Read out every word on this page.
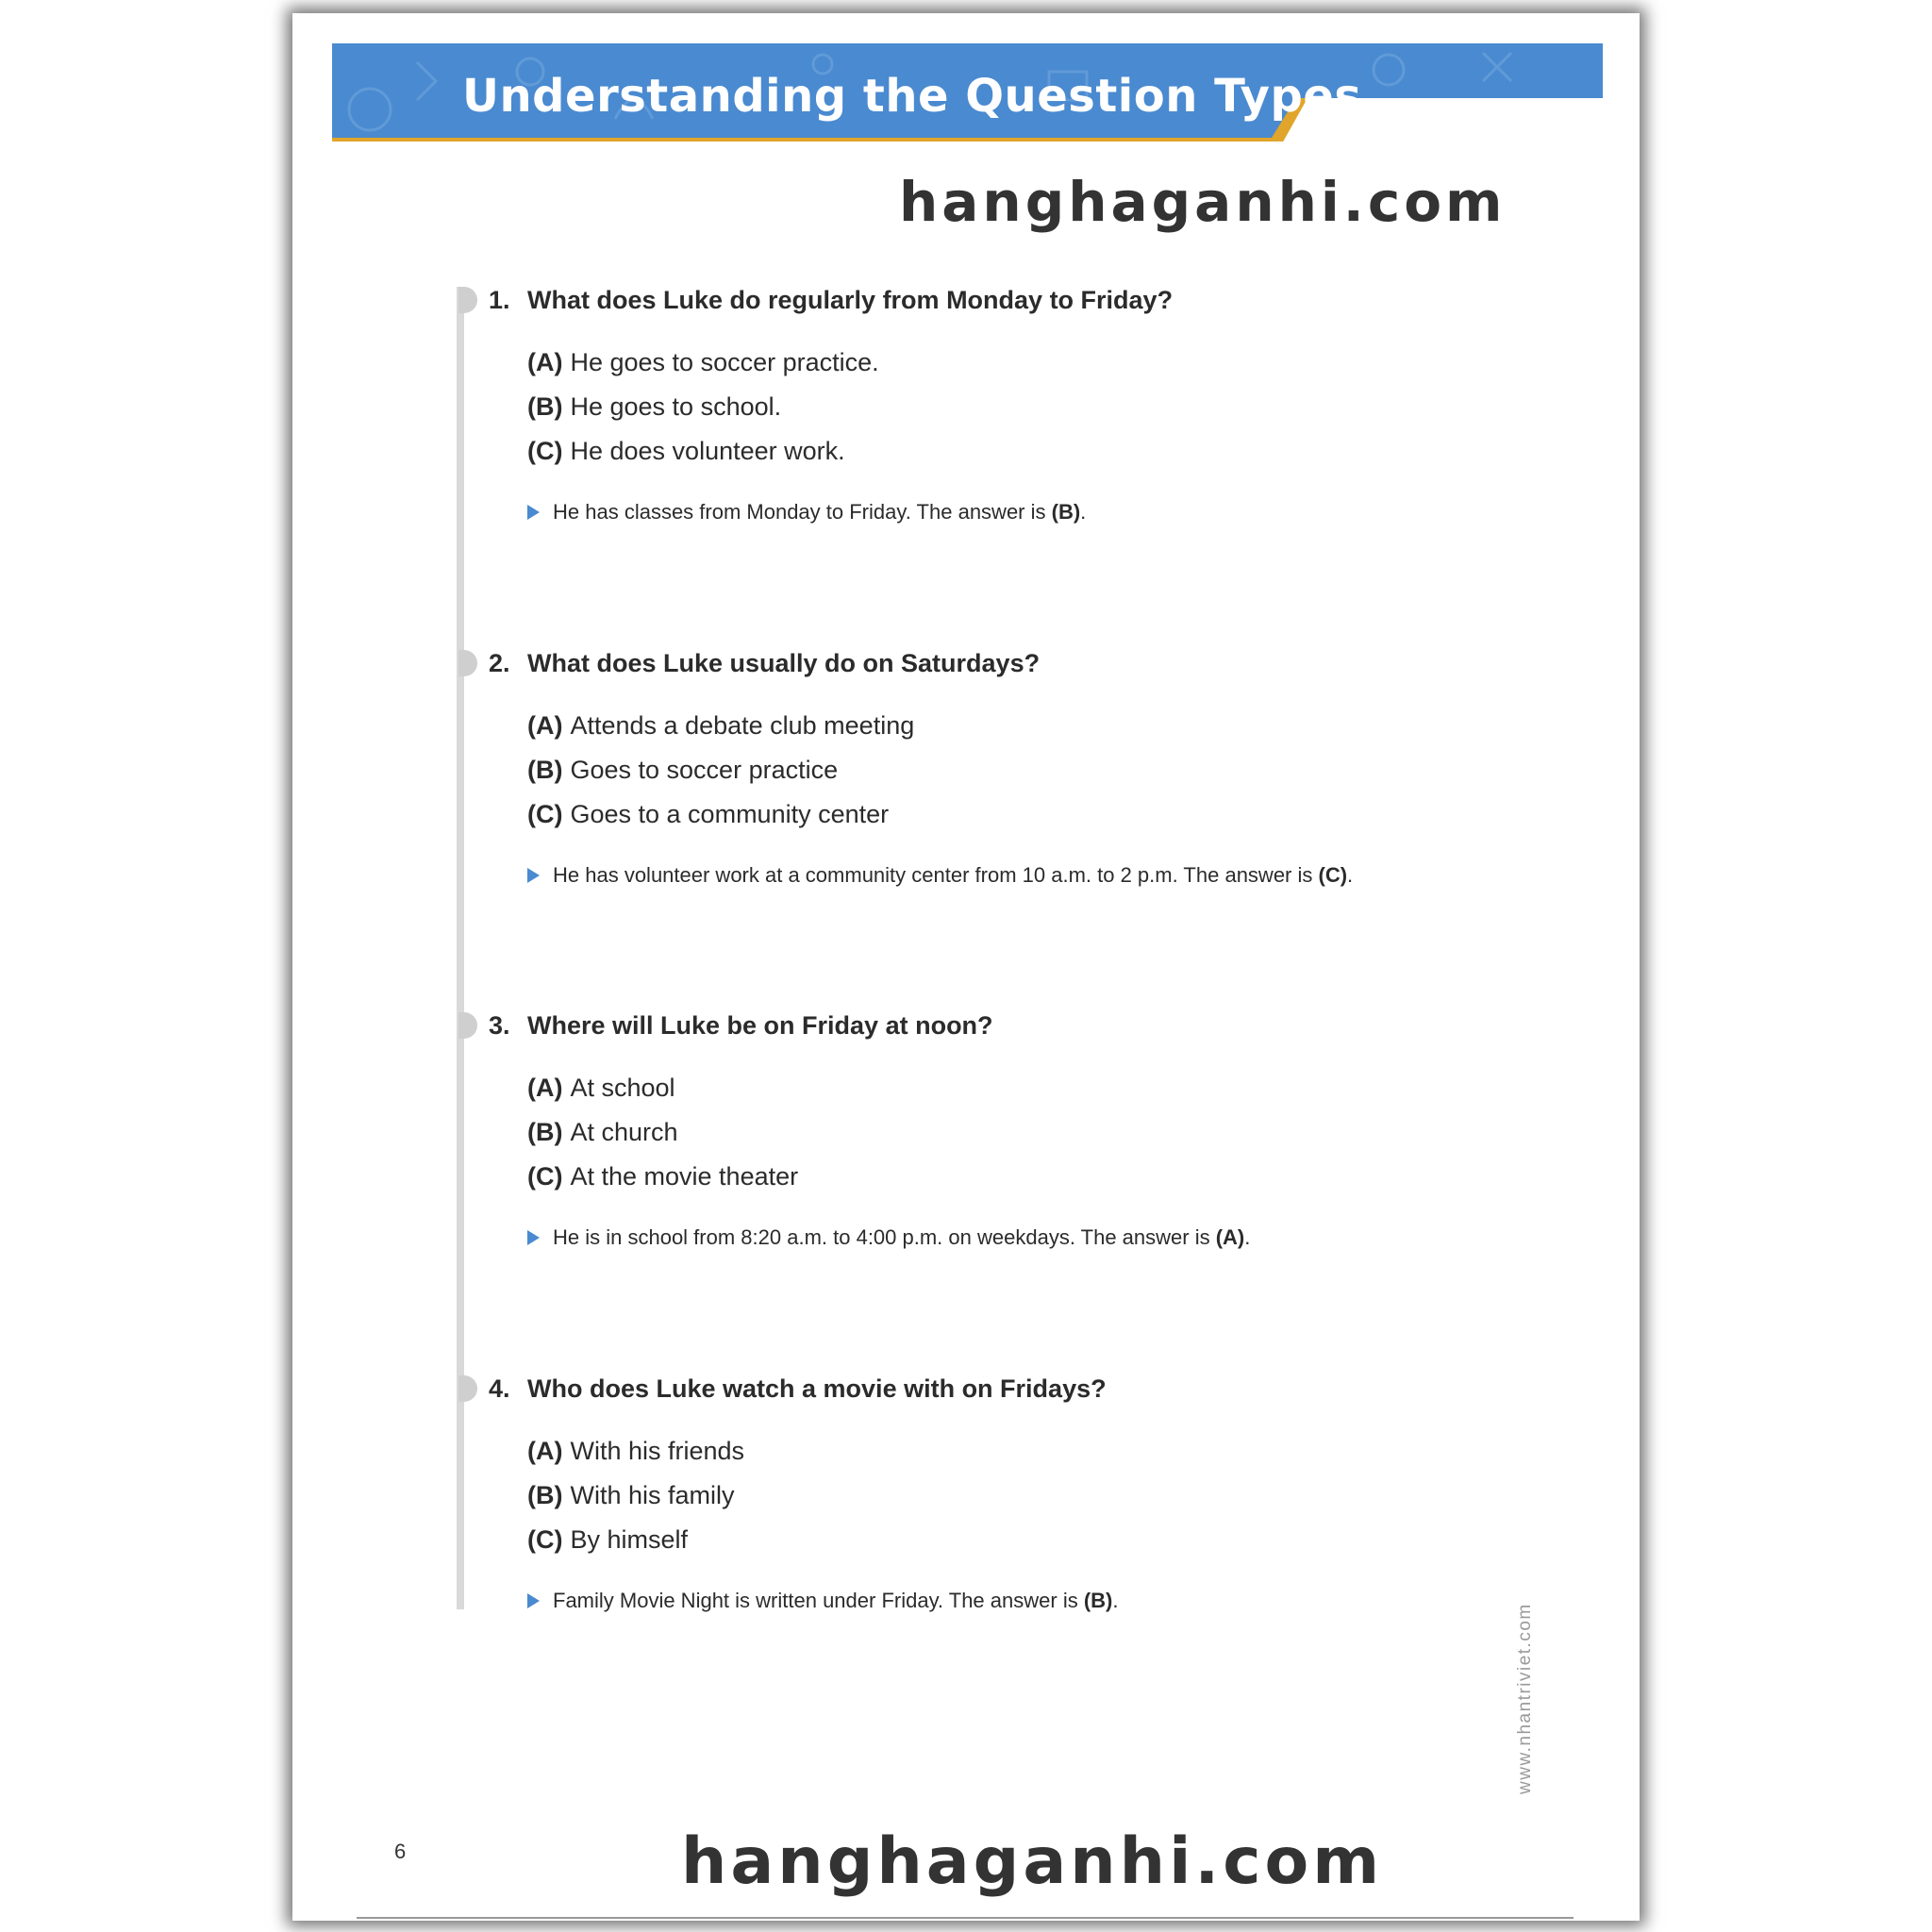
Understanding the Question Types
hanghaganhi.com
1. What does Luke do regularly from Monday to Friday?
(A) He goes to soccer practice.
(B) He goes to school.
(C) He does volunteer work.
He has classes from Monday to Friday. The answer is (B).
2. What does Luke usually do on Saturdays?
(A) Attends a debate club meeting
(B) Goes to soccer practice
(C) Goes to a community center
He has volunteer work at a community center from 10 a.m. to 2 p.m. The answer is (C).
3. Where will Luke be on Friday at noon?
(A) At school
(B) At church
(C) At the movie theater
He is in school from 8:20 a.m. to 4:00 p.m. on weekdays. The answer is (A).
4. Who does Luke watch a movie with on Fridays?
(A) With his friends
(B) With his family
(C) By himself
Family Movie Night is written under Friday. The answer is (B).
www.nhantriviet.com
6	hanghaganhi.com
